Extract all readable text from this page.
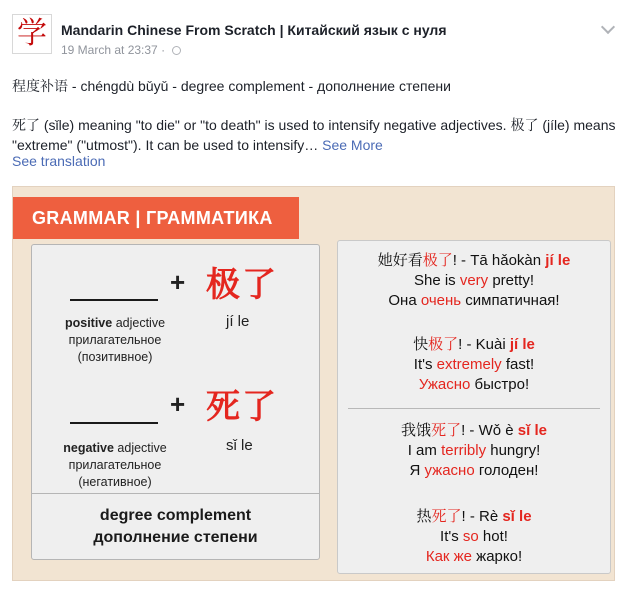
学 Mandarin Chinese From Scratch | Китайский язык с нуля
19 March at 23:37 ·

程度补语 - chéngdù bǔyǔ - degree complement - дополнение степени

死了 (sǐle) meaning "to die" or "to death" is used to intensify negative adjectives. 极了 (jíle) means "extreme" ("utmost"). It can be used to intensify… See More

See translation
GRAMMAR | ГРАММАТИКА
+ 极了
jí le
positive adjective
прилагательное
(позитивное)
+ 死了
sǐ le
negative adjective
прилагательное
(негативное)
degree complement
дополнение степени
她好看极了! - Tā hǎokàn jí le
She is very pretty!
Она очень симпатичная!
快极了! - Kuài jí le
It's extremely fast!
Ужасно быстро!
我饿死了! - Wǒ è sǐ le
I am terribly hungry!
Я ужасно голоден!
热死了! - Rè sǐ le
It's so hot!
Как же жарко!
